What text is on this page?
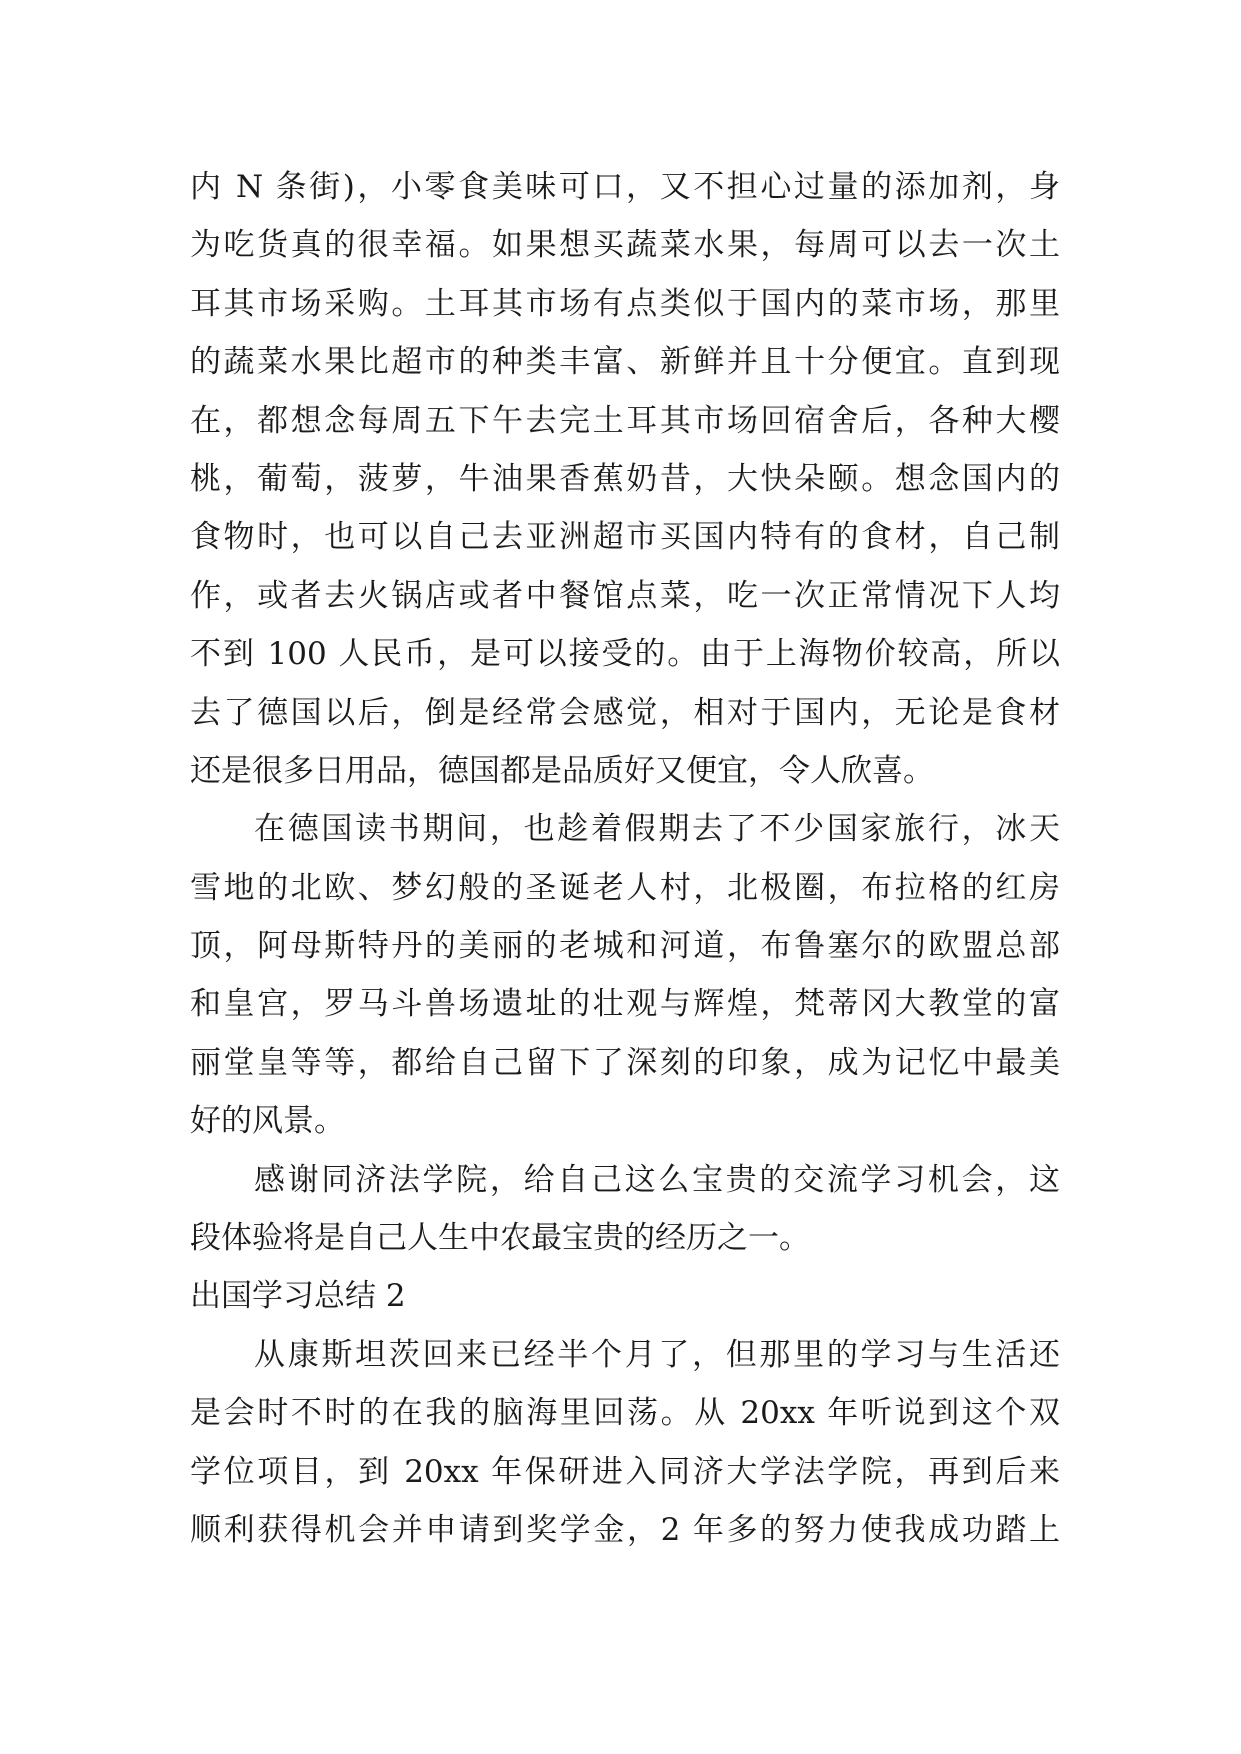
内 N 条街)，小零食美味可口，又不担心过量的添加剂，身
为吃货真的很幸福。如果想买蔬菜水果，每周可以去一次土
耳其市场采购。土耳其市场有点类似于国内的菜市场，那里
的蔬菜水果比超市的种类丰富、新鲜并且十分便宜。直到现
在，都想念每周五下午去完土耳其市场回宿舍后，各种大樱
桃，葡萄，菠萝，牛油果香蕉奶昔，大快朵颐。想念国内的
食物时，也可以自己去亚洲超市买国内特有的食材，自己制
作，或者去火锅店或者中餐馆点菜，吃一次正常情况下人均
不到 100 人民币，是可以接受的。由于上海物价较高，所以
去了德国以后，倒是经常会感觉，相对于国内，无论是食材
还是很多日用品，德国都是品质好又便宜，令人欣喜。
在德国读书期间，也趁着假期去了不少国家旅行，冰天
雪地的北欧、梦幻般的圣诞老人村，北极圈，布拉格的红房
顶，阿母斯特丹的美丽的老城和河道，布鲁塞尔的欧盟总部
和皇宫，罗马斗兽场遗址的壮观与辉煌，梵蒂冈大教堂的富
丽堂皇等等，都给自己留下了深刻的印象，成为记忆中最美
好的风景。
感谢同济法学院，给自己这么宝贵的交流学习机会，这
段体验将是自己人生中农最宝贵的经历之一。
出国学习总结 2
从康斯坦茨回来已经半个月了，但那里的学习与生活还
是会时不时的在我的脑海里回荡。从 20xx 年听说到这个双
学位项目，到 20xx 年保研进入同济大学法学院，再到后来
顺利获得机会并申请到奖学金，2 年多的努力使我成功踏上
